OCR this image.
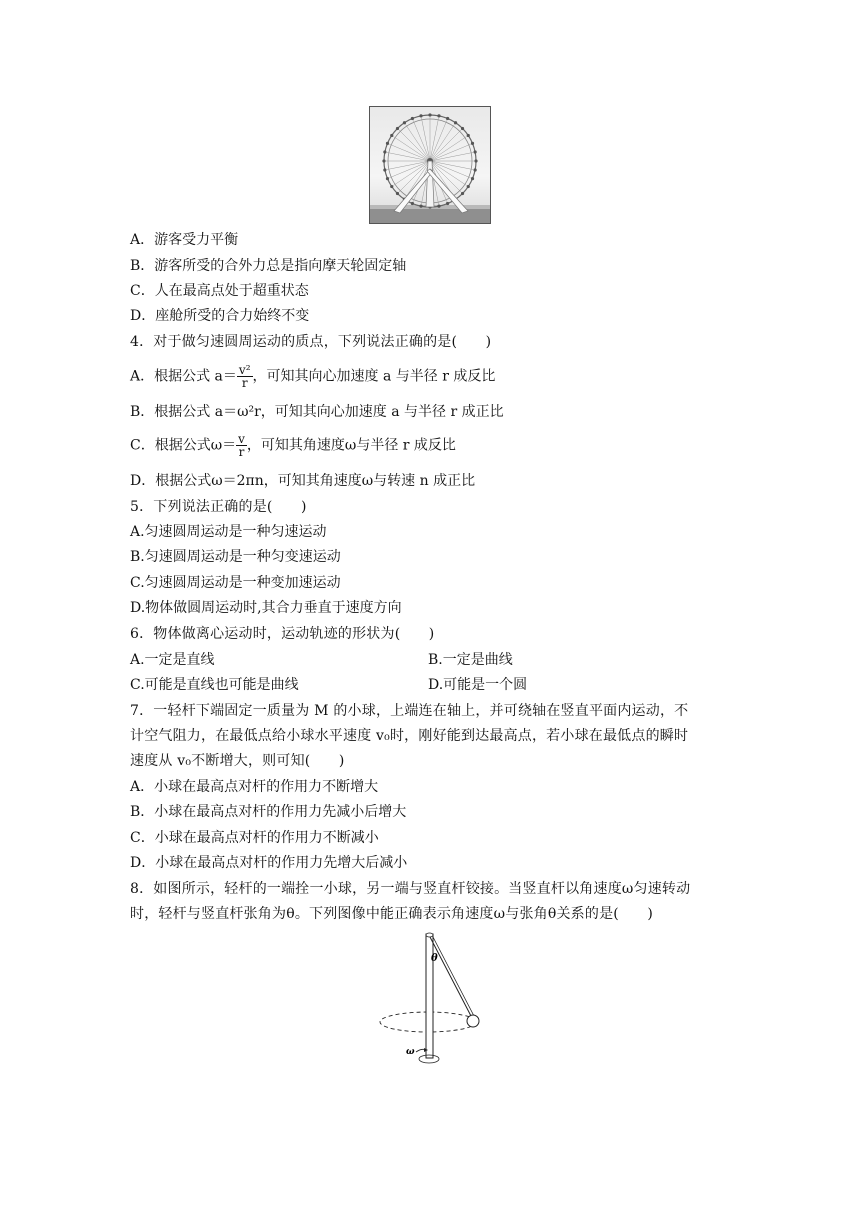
A．游客受力平衡
B．游客所受的合外力总是指向摩天轮固定轴
C．人在最高点处于超重状态
D．座舱所受的合力始终不变
4．对于做匀速圆周运动的质点，下列说法正确的是(　　)
A．根据公式 $a= \frac{\text{v²}}{r}$ ，可知其向心加速度 a 与半径 r 成反比
B．根据公式 a＝ω²r，可知其向心加速度 a 与半径 r 成正比
C．根据公式$\omega= \frac{v}{r}$ ，可知其角速度ω与半径 r 成反比
D．根据公式ω＝2πn，可知其角速度ω与转速 n 成正比
5．下列说法正确的是(　　)
A.匀速圆周运动是一种匀速运动
B.匀速圆周运动是一种匀变速运动
C.匀速圆周运动是一种变加速运动
D.物体做圆周运动时,其合力垂直于速度方向
6．物体做离心运动时，运动轨迹的形状为(　　)
A.一定是直线	B.一定是曲线
C.可能是直线也可能是曲线	D.可能是一个圆
7．一轻杆下端固定一质量为 M 的小球，上端连在轴上，并可绕轴在竖直平面内运动，不
计空气阻力，在最低点给小球水平速度 v₀时，刚好能到达最高点，若小球在最低点的瞬时
速度从 v₀不断增大，则可知(　　)
A．小球在最高点对杆的作用力不断增大
B．小球在最高点对杆的作用力先减小后增大
C．小球在最高点对杆的作用力不断减小
D．小球在最高点对杆的作用力先增大后减小
8．如图所示，轻杆的一端拴一小球，另一端与竖直杆铰接。当竖直杆以角速度ω匀速转动
时，轻杆与竖直杆张角为θ。下列图像中能正确表示角速度ω与张角θ关系的是(　　)
θ
ω
